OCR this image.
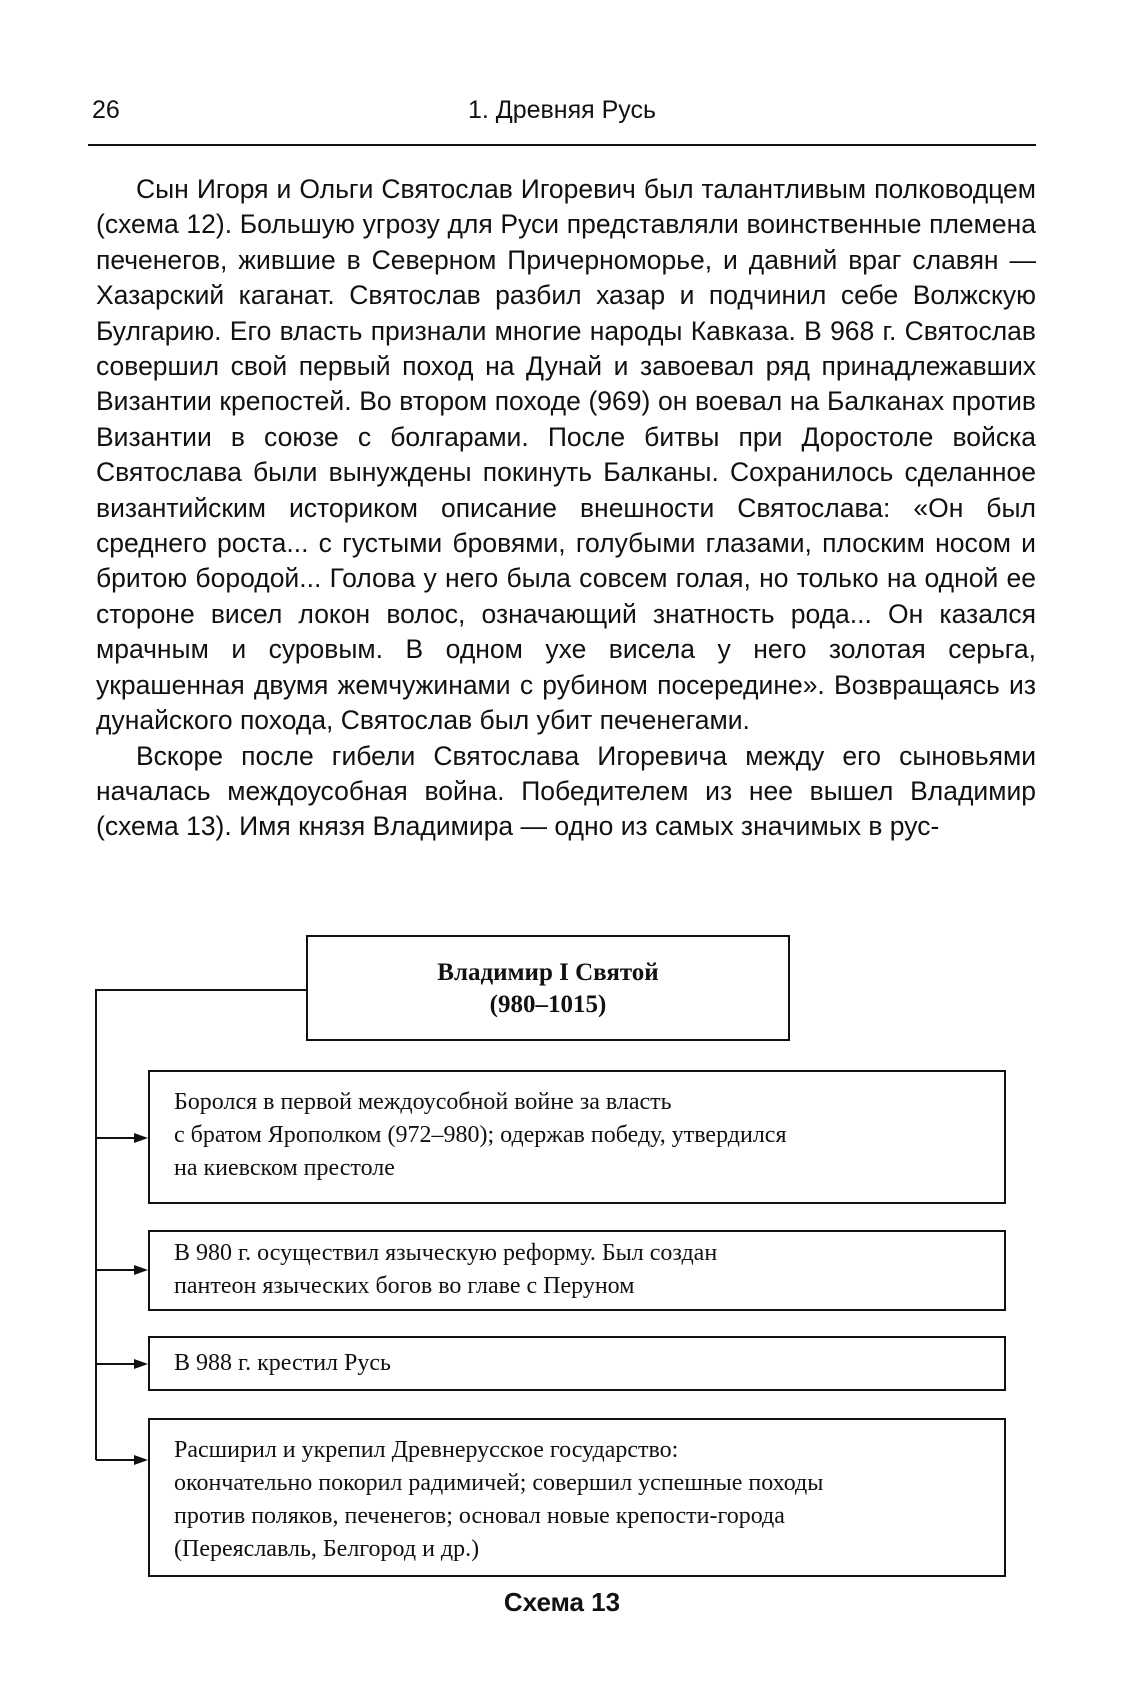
26	1. Древняя Русь

Сын Игоря и Ольги Святослав Игоревич был талантливым полководцем (схема 12). Большую угрозу для Руси представляли воинственные племена печенегов, жившие в Северном Причерноморье, и давний враг славян — Хазарский каганат. Святослав разбил хазар и подчинил себе Волжскую Булгарию. Его власть признали многие народы Кавказа. В 968 г. Святослав совершил свой первый поход на Дунай и завоевал ряд принадлежавших Византии крепостей. Во втором походе (969) он воевал на Балканах против Византии в союзе с болгарами. После битвы при Доростоле войска Святослава были вынуждены покинуть Балканы. Сохранилось сделанное византийским историком описание внешности Святослава: «Он был среднего роста... с густыми бровями, голубыми глазами, плоским носом и бритою бородой... Голова у него была совсем голая, но только на одной ее стороне висел локон волос, означающий знатность рода... Он казался мрачным и суровым. В одном ухе висела у него золотая серьга, украшенная двумя жемчужинами с рубином посередине». Возвращаясь из дунайского похода, Святослав был убит печенегами.

Вскоре после гибели Святослава Игоревича между его сыновьями началась междоусобная война. Победителем из нее вышел Владимир (схема 13). Имя князя Владимира — одно из самых значимых в рус-

Владимир I Святой
(980–1015)
Боролся в первой междоусобной войне за власть
с братом Ярополком (972–980); одержав победу, утвердился
на киевском престоле
В 980 г. осуществил языческую реформу. Был создан
пантеон языческих богов во главе с Перуном
В 988 г. крестил Русь
Расширил и укрепил Древнерусское государство:
окончательно покорил радимичей; совершил успешные походы
против поляков, печенегов; основал новые крепости-города
(Переяславль, Белгород и др.)
Схема 13
